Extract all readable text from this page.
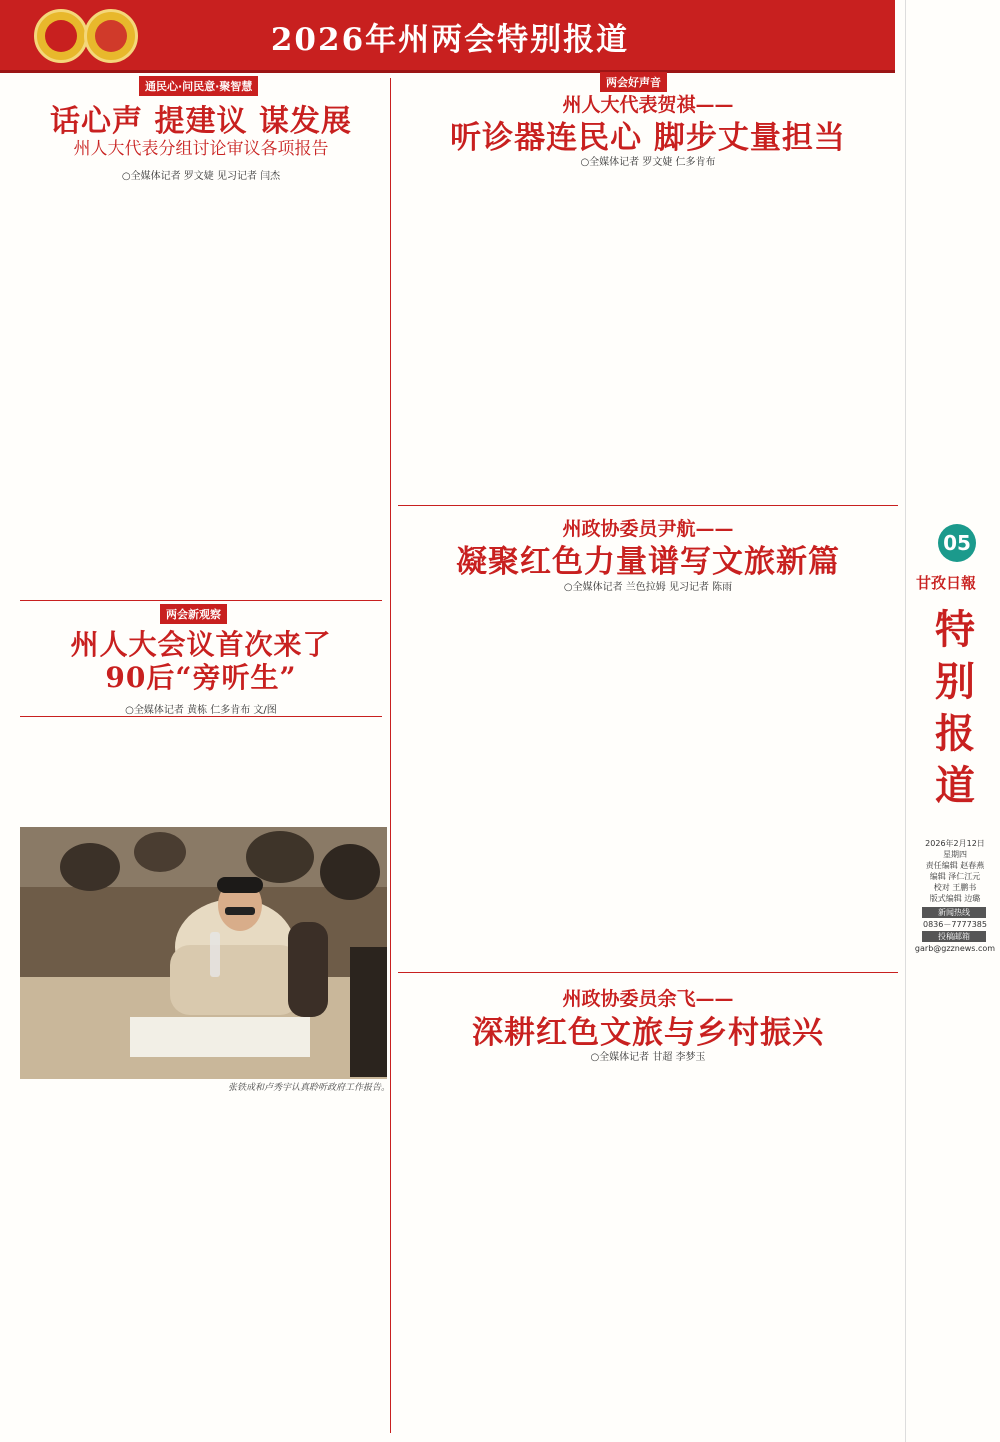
2026年州两会特别报道
通民心·问民意·聚智慧
话心声 提建议 谋发展
州人大代表分组讨论审议各项报告
○全媒体记者 罗文婕 见习记者 闫杰
两会新观察
州人大会议首次来了
90后“旁听生”
○全媒体记者 黄栋 仁多肯布 文/图
张铁成和卢秀宇认真聆听政府工作报告。
两会好声音
州人大代表贺祺——
听诊器连民心 脚步丈量担当
○全媒体记者 罗文婕 仁多肯布
州政协委员尹航——
凝聚红色力量谱写文旅新篇
○全媒体记者 兰色拉姆 见习记者 陈雨
州政协委员余飞——
深耕红色文旅与乡村振兴
○全媒体记者 甘超 李梦玉
05
甘孜日報
特
别
报
道
2026年2月12日
星期四
责任编辑 赵春燕
编辑 泽仁江元
校对 王鹏书
版式编辑 边璐
新闻热线
0836－7777385
投稿邮箱
garb@gzznews.com
